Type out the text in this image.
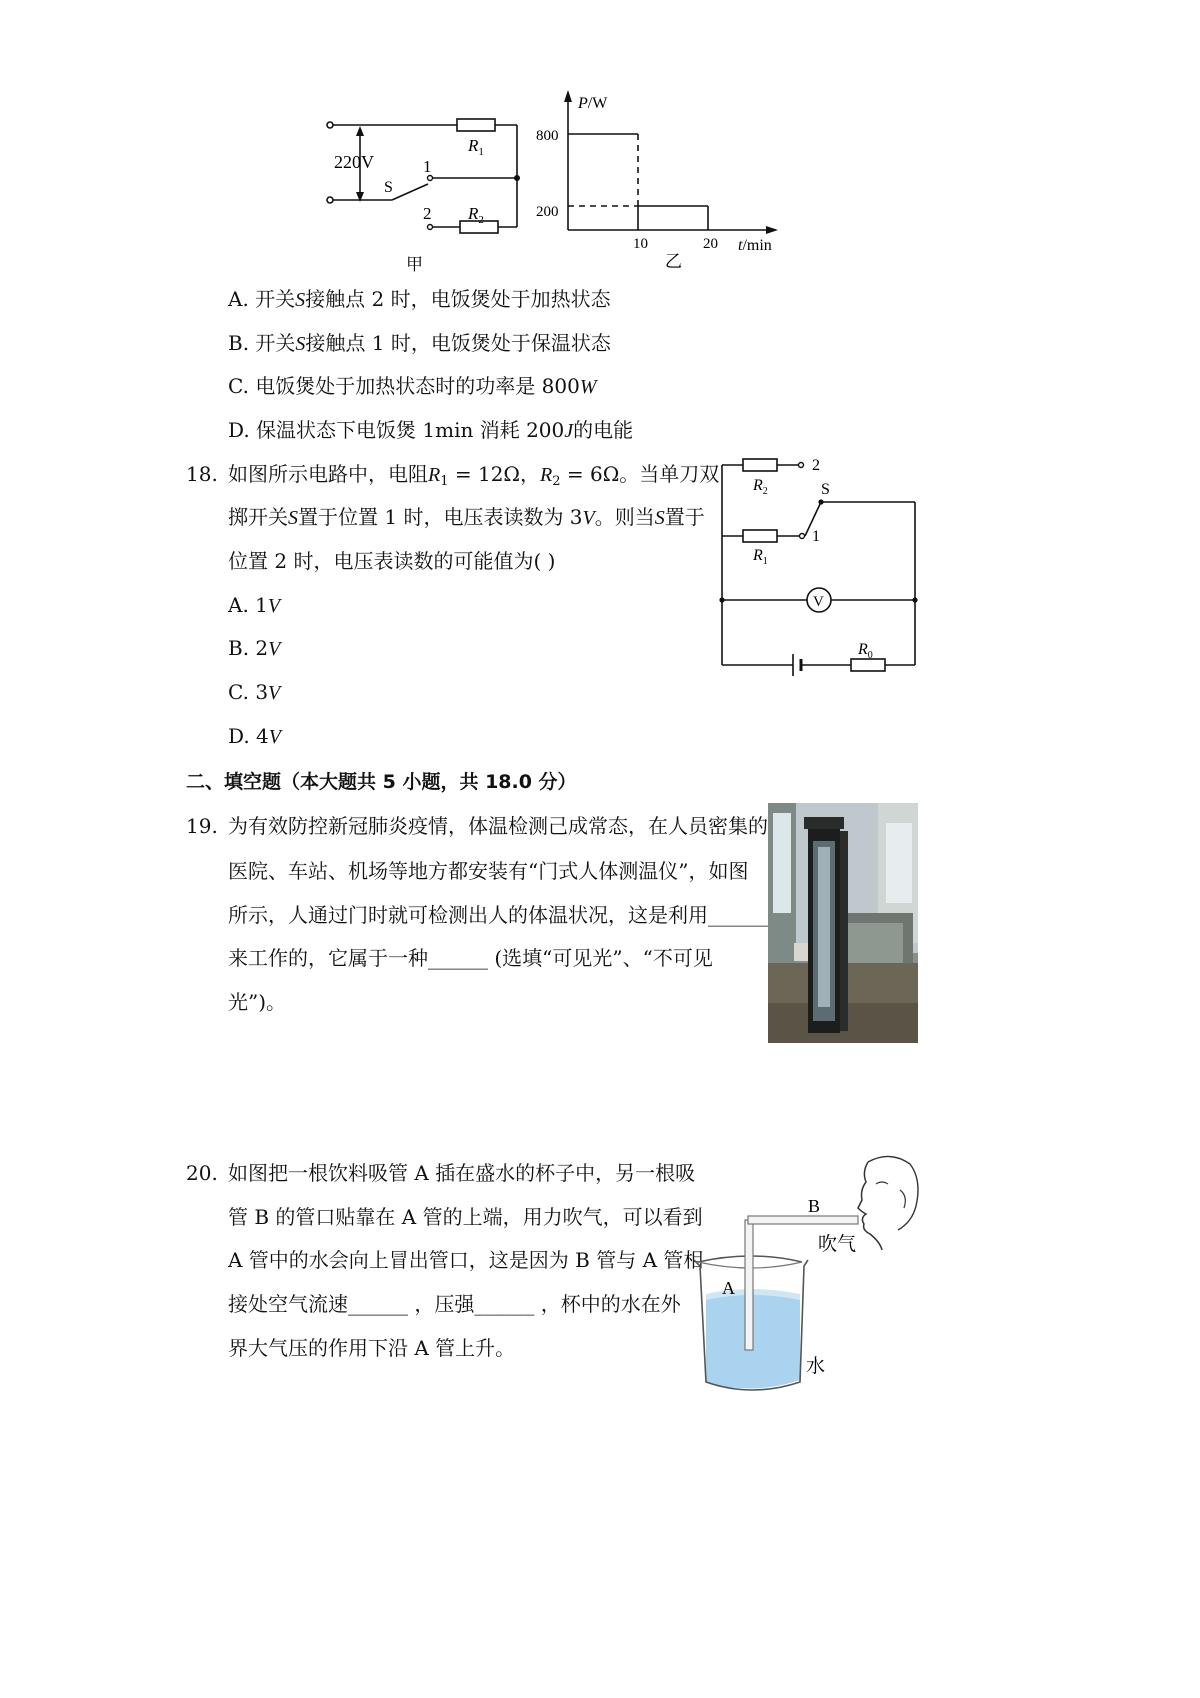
220V
S
1
2
$R_1$
$R_2$
甲
P/W
800
200
10	20 t/min
乙
A. 开关S接触点 2 时，电饭煲处于加热状态
B. 开关S接触点 1 时，电饭煲处于保温状态
C. 电饭煲处于加热状态时的功率是 800W
D. 保温状态下电饭煲 1min 消耗 200J的电能
18. 如图所示电路中，电阻$R_1 = 12\Omega$，$R_2 = 6\Omega$。当单刀双
掷开关S置于位置 1 时，电压表读数为 3V。则当S置于
位置 2 时，电压表读数的可能值为( )
A. 1V
B. 2V
C. 3V
D. 4V
2
1
S
V
$R_2$
$R_1$
$R_0$
二、填空题（本大题共 5 小题，共 18.0 分）
19. 为有效防控新冠肺炎疫情，体温检测己成常态，在人员密集的
医院、车站、机场等地方都安装有“门式人体测温仪”，如图
所示，人通过门时就可检测出人的体温状况，这是利用______
来工作的，它属于一种______ (选填“可见光”、“不可见
光”)。
20. 如图把一根饮料吸管 A 插在盛水的杯子中，另一根吸
管 B 的管口贴靠在 A 管的上端，用力吹气，可以看到
A 管中的水会向上冒出管口，这是因为 B 管与 A 管相
接处空气流速______ ，压强______ ，杯中的水在外
界大气压的作用下沿 A 管上升。
B
A
吹气
水
